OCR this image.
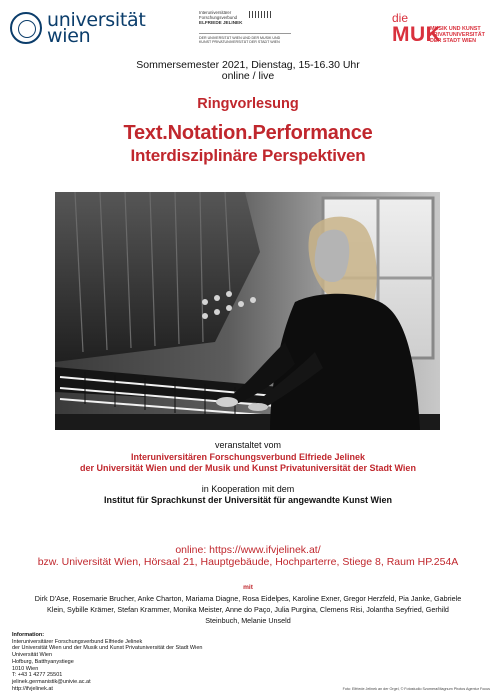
universität wien
Interuniversitärer
Forschungsverbund
ELFRIEDE JELINEK
DER UNIVERSITÄT WIEN UND DER MUSIK UND KUNST PRIVATUNIVERSITÄT DER STADT WIEN
die
MUK
MUSIK UND KUNST PRIVATUNIVERSITÄT DER STADT WIEN
Sommersemester 2021, Dienstag, 15-16.30 Uhr
online / live
Ringvorlesung
Text.Notation.Performance
Interdisziplinäre Perspektiven
veranstaltet vom
Interuniversitären Forschungsverbund Elfriede Jelinek
der Universität Wien und der Musik und Kunst Privatuniversität der Stadt Wien
in Kooperation mit dem
Institut für Sprachkunst der Universität für angewandte Kunst Wien
online: https://www.ifvjelinek.at/
bzw. Universität Wien, Hörsaal 21, Hauptgebäude, Hochparterre, Stiege 8, Raum HP.254A
mit
Dirk D'Ase, Rosemarie Brucher, Anke Charton, Mariama Diagne, Rosa Eidelpes, Karoline Exner, Gregor Herzfeld, Pia Janke, Gabriele Klein, Sybille Krämer, Stefan Krammer, Monika Meister, Anne do Paço, Julia Purgina, Clemens Risi, Jolantha Seyfried, Gerhild Steinbuch, Melanie Unseld
Information:
Interuniversitärer Forschungsverbund Elfriede Jelinek
der Universität Wien und der Musik und Kunst Privatuniversität der Stadt Wien
Universität Wien
Hofburg, Batthyanystiege
1010 Wien
T: +43 1 4277 25501
jelinek.germanistik@univie.ac.at
http://ifvjelinek.at	Foto: Elfriede Jelinek an der Orgel, © Fotostudio Szomera/Magnum Photos Agentur Focus
